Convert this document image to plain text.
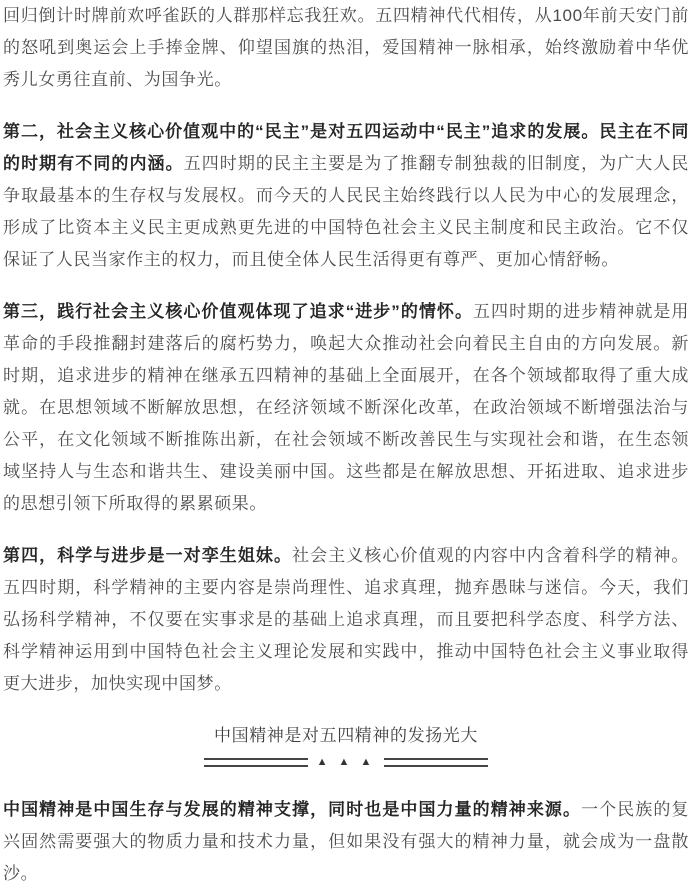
回归倒计时牌前欢呼雀跃的人群那样忘我狂欢。五四精神代代相传，从100年前天安门前的怒吼到奥运会上手捧金牌、仰望国旗的热泪，爱国精神一脉相承，始终激励着中华优秀儿女勇往直前、为国争光。

第二，社会主义核心价值观中的“民主”是对五四运动中“民主”追求的发展。民主在不同的时期有不同的内涵。五四时期的民主主要是为了推翻专制独裁的旧制度，为广大人民争取最基本的生存权与发展权。而今天的人民民主始终践行以人民为中心的发展理念，形成了比资本主义民主更成熟更先进的中国特色社会主义民主制度和民主政治。它不仅保证了人民当家作主的权力，而且使全体人民生活得更有尊严、更加心情舒畅。

第三，践行社会主义核心价值观体现了追求“进步”的情怀。五四时期的进步精神就是用革命的手段推翻封建落后的腐朽势力，唤起大众推动社会向着民主自由的方向发展。新时期，追求进步的精神在继承五四精神的基础上全面展开，在各个领域都取得了重大成就。在思想领域不断解放思想，在经济领域不断深化改革，在政治领域不断增强法治与公平，在文化领域不断推陈出新，在社会领域不断改善民生与实现社会和谐，在生态领域坚持人与生态和谐共生、建设美丽中国。这些都是在解放思想、开拓进取、追求进步的思想引领下所取得的累累硕果。

第四，科学与进步是一对孪生姐妹。社会主义核心价值观的内容中内含着科学的精神。五四时期，科学精神的主要内容是崇尚理性、追求真理，抛弃愚昧与迷信。今天，我们弘扬科学精神，不仅要在实事求是的基础上追求真理，而且要把科学态度、科学方法、科学精神运用到中国特色社会主义理论发展和实践中，推动中国特色社会主义事业取得更大进步，加快实现中国梦。

中国精神是对五四精神的发扬光大
▲ ▲ ▲

中国精神是中国生存与发展的精神支撑，同时也是中国力量的精神来源。一个民族的复兴固然需要强大的物质力量和技术力量，但如果没有强大的精神力量，就会成为一盘散沙。
